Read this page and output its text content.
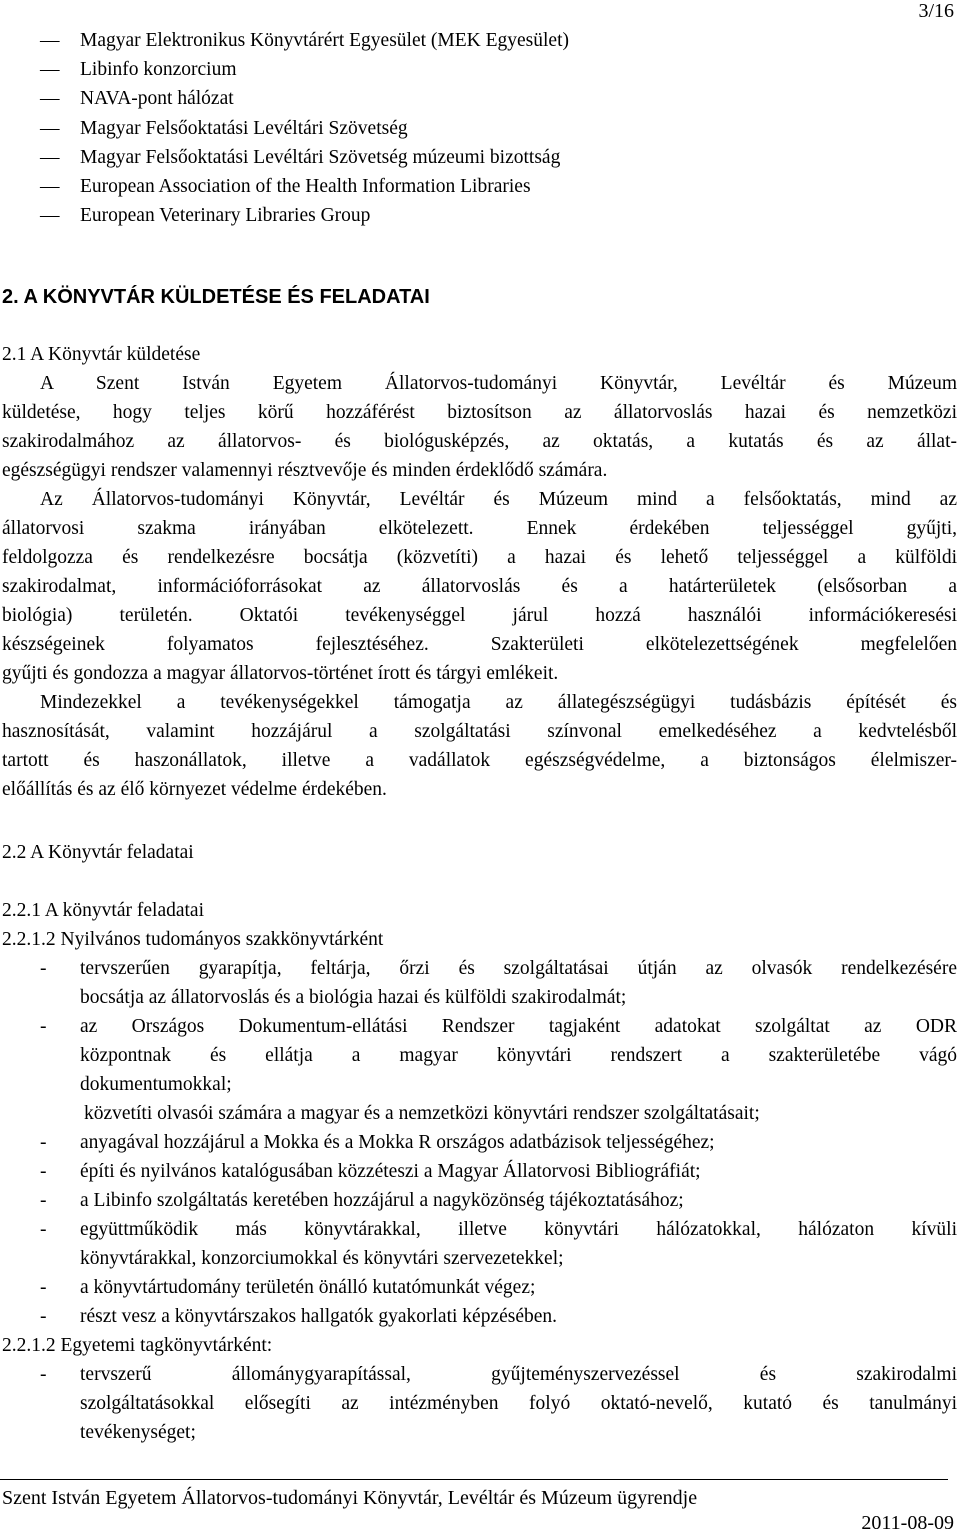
3/16
— Magyar Elektronikus Könyvtárért Egyesület (MEK Egyesület)
— Libinfo konzorcium
— NAVA-pont hálózat
— Magyar Felsőoktatási Levéltári Szövetség
— Magyar Felsőoktatási Levéltári Szövetség múzeumi bizottság
— European Association of the Health Information Libraries
— European Veterinary Libraries Group
2. A KÖNYVTÁR KÜLDETÉSE ÉS FELADATAI
2.1 A Könyvtár küldetése
A Szent István Egyetem Állatorvos-tudományi Könyvtár, Levéltár és Múzeum
küldetése, hogy teljes körű hozzáférést biztosítson az állatorvoslás hazai és nemzetközi
szakirodalmához az állatorvos- és biológusképzés, az oktatás, a kutatás és az állat-
egészségügyi rendszer valamennyi résztvevője és minden érdeklődő számára.
Az Állatorvos-tudományi Könyvtár, Levéltár és Múzeum mind a felsőoktatás, mind az
állatorvosi szakma irányában elkötelezett. Ennek érdekében teljességgel gyűjti,
feldolgozza és rendelkezésre bocsátja (közvetíti) a hazai és lehető teljességgel a külföldi
szakirodalmat, információforrásokat az állatorvoslás és a határterületek (elsősorban a
biológia) területén. Oktatói tevékenységgel járul hozzá használói információkeresési
készségeinek folyamatos fejlesztéséhez. Szakterületi elkötelezettségének megfelelően
gyűjti és gondozza a magyar állatorvos-történet írott és tárgyi emlékeit.
Mindezekkel a tevékenységekkel támogatja az állategészségügyi tudásbázis építését és
hasznosítását, valamint hozzájárul a szolgáltatási színvonal emelkedéséhez a kedvtelésből
tartott és haszonállatok, illetve a vadállatok egészségvédelme, a biztonságos élelmiszer-
előállítás és az élő környezet védelme érdekében.
2.2 A Könyvtár feladatai
2.2.1 A könyvtár feladatai
2.2.1.2 Nyilvános tudományos szakkönyvtárként
- tervszerűen gyarapítja, feltárja, őrzi és szolgáltatásai útján az olvasók rendelkezésére
bocsátja az állatorvoslás és a biológia hazai és külföldi szakirodalmát;
- az Országos Dokumentum-ellátási Rendszer tagjaként adatokat szolgáltat az ODR
központnak és ellátja a magyar könyvtári rendszert a szakterületébe vágó
dokumentumokkal;
közvetíti olvasói számára a magyar és a nemzetközi könyvtári rendszer szolgáltatásait;
- anyagával hozzájárul a Mokka és a Mokka R országos adatbázisok teljességéhez;
- építi és nyilvános katalógusában közzéteszi a Magyar Állatorvosi Bibliográfiát;
- a Libinfo szolgáltatás keretében hozzájárul a nagyközönség tájékoztatásához;
- együttműködik más könyvtárakkal, illetve könyvtári hálózatokkal, hálózaton kívüli
könyvtárakkal, konzorciumokkal és könyvtári szervezetekkel;
- a könyvtártudomány területén önálló kutatómunkát végez;
- részt vesz a könyvtárszakos hallgatók gyakorlati képzésében.
2.2.1.2 Egyetemi tagkönyvtárként:
- tervszerű állománygyarapítással, gyűjteményszervezéssel és szakirodalmi
szolgáltatásokkal elősegíti az intézményben folyó oktató-nevelő, kutató és tanulmányi
tevékenységet;
Szent István Egyetem Állatorvos-tudományi Könyvtár, Levéltár és Múzeum ügyrendje
2011-08-09
